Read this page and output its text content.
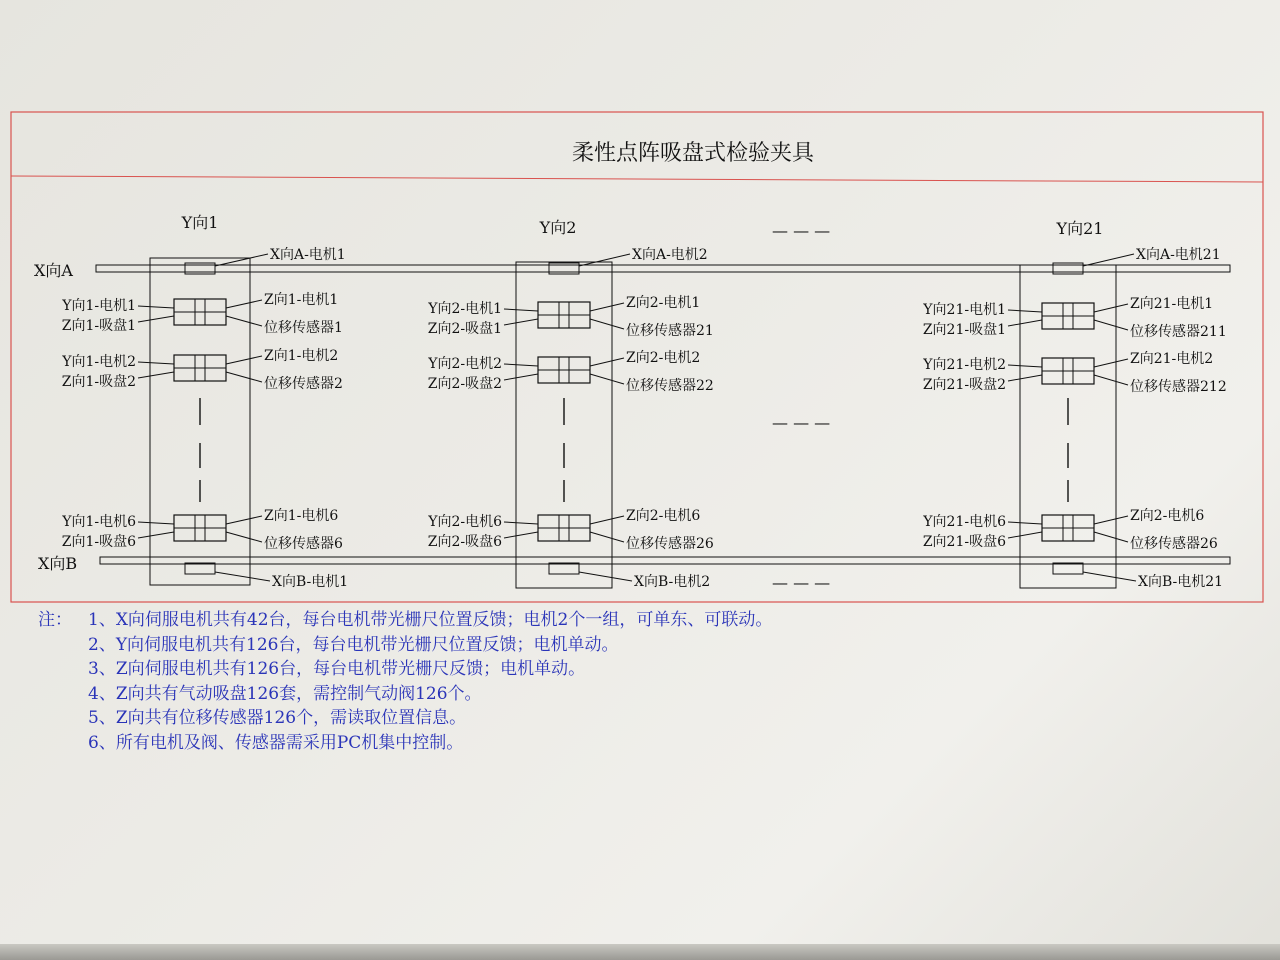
柔性点阵吸盘式检验夹具
X向A
X向B
— — —
— — —
— — —
Y向1
X向A-电机1
X向B-电机1
Y向1-电机1
Z向1-吸盘1
Z向1-电机1
位移传感器1
Y向1-电机2
Z向1-吸盘2
Z向1-电机2
位移传感器2
Y向1-电机6
Z向1-吸盘6
Z向1-电机6
位移传感器6
Y向2
X向A-电机2
X向B-电机2
Y向2-电机1
Z向2-吸盘1
Z向2-电机1
位移传感器21
Y向2-电机2
Z向2-吸盘2
Z向2-电机2
位移传感器22
Y向2-电机6
Z向2-吸盘6
Z向2-电机6
位移传感器26
Y向21
X向A-电机21
X向B-电机21
Y向21-电机1
Z向21-吸盘1
Z向21-电机1
位移传感器211
Y向21-电机2
Z向21-吸盘2
Z向21-电机2
位移传感器212
Y向21-电机6
Z向21-吸盘6
Z向2-电机6
位移传感器26
注： 1、X向伺服电机共有42台，每台电机带光栅尺位置反馈；电机2个一组，可单东、可联动。
2、Y向伺服电机共有126台，每台电机带光栅尺位置反馈；电机单动。
3、Z向伺服电机共有126台，每台电机带光栅尺反馈；电机单动。
4、Z向共有气动吸盘126套，需控制气动阀126个。
5、Z向共有位移传感器126个，需读取位置信息。
6、所有电机及阀、传感器需采用PC机集中控制。
